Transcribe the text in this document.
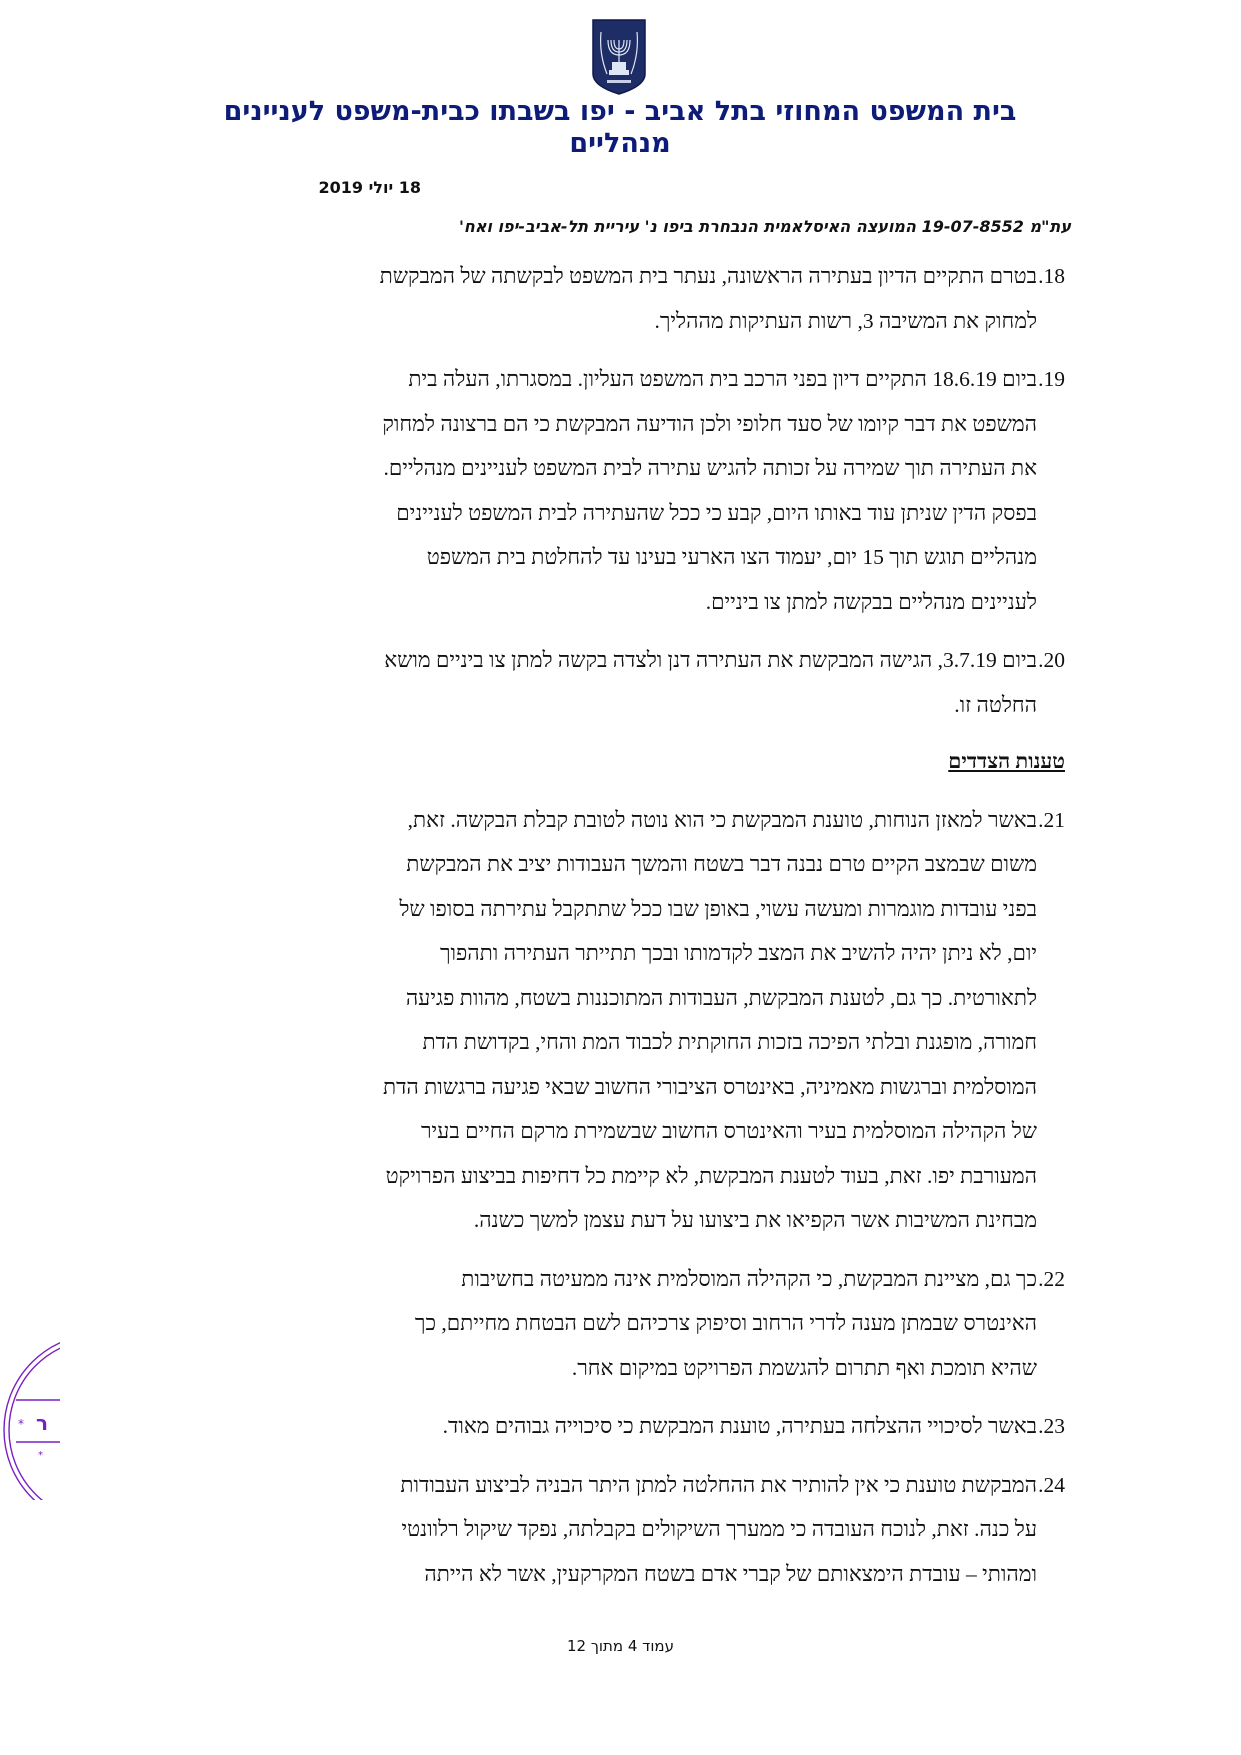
בית המשפט המחוזי בתל אביב - יפו בשבתו כבית-משפט לעניינים
מנהליים
18 יולי 2019
עת"מ 19-07-8552 המועצה האיסלאמית הנבחרת ביפו נ' עיריית תל-אביב-יפו ואח'
18.
בטרם התקיים הדיון בעתירה הראשונה, נעתר בית המשפט לבקשתה של המבקשת
למחוק את המשיבה 3, רשות העתיקות מההליך.
19.
ביום 18.6.19 התקיים דיון בפני הרכב בית המשפט העליון. במסגרתו, העלה בית
המשפט את דבר קיומו של סעד חלופי ולכן הודיעה המבקשת כי הם ברצונה למחוק
את העתירה תוך שמירה על זכותה להגיש עתירה לבית המשפט לעניינים מנהליים.
בפסק הדין שניתן עוד באותו היום, קבע כי ככל שהעתירה לבית המשפט לעניינים
מנהליים תוגש תוך 15 יום, יעמוד הצו הארעי בעינו עד להחלטת בית המשפט
לעניינים מנהליים בבקשה למתן צו ביניים.
20.
ביום 3.7.19, הגישה המבקשת את העתירה דנן ולצדה בקשה למתן צו ביניים מושא
החלטה זו.
טענות הצדדים
21.
באשר למאזן הנוחות, טוענת המבקשת כי הוא נוטה לטובת קבלת הבקשה. זאת,
משום שבמצב הקיים טרם נבנה דבר בשטח והמשך העבודות יציב את המבקשת
בפני עובדות מוגמרות ומעשה עשוי, באופן שבו ככל שתתקבל עתירתה בסופו של
יום, לא ניתן יהיה להשיב את המצב לקדמותו ובכך תתייתר העתירה ותהפוך
לתאורטית. כך גם, לטענת המבקשת, העבודות המתוכננות בשטח, מהוות פגיעה
חמורה, מופגנת ובלתי הפיכה בזכות החוקתית לכבוד המת והחי, בקדושת הדת
המוסלמית וברגשות מאמיניה, באינטרס הציבורי החשוב שבאי פגיעה ברגשות הדת
של הקהילה המוסלמית בעיר והאינטרס החשוב שבשמירת מרקם החיים בעיר
המעורבת יפו. זאת, בעוד לטענת המבקשת, לא קיימת כל דחיפות בביצוע הפרויקט
מבחינת המשיבות אשר הקפיאו את ביצועו על דעת עצמן למשך כשנה.
22.
כך גם, מציינת המבקשת, כי הקהילה המוסלמית אינה ממעיטה בחשיבות
האינטרס שבמתן מענה לדרי הרחוב וסיפוק צרכיהם לשם הבטחת מחייתם, כך
שהיא תומכת ואף תתרום להגשמת הפרויקט במיקום אחר.
23.
באשר לסיכויי ההצלחה בעתירה, טוענת המבקשת כי סיכוייה גבוהים מאוד.
24.
המבקשת טוענת כי אין להותיר את ההחלטה למתן היתר הבניה לביצוע העבודות
על כנה. זאת, לנוכח העובדה כי ממערך השיקולים בקבלתה, נפקד שיקול רלוונטי
ומהותי – עובדת הימצאותם של קברי אדם בשטח המקרקעין, אשר לא הייתה
עמוד 4 מתוך 12
* ר
*
